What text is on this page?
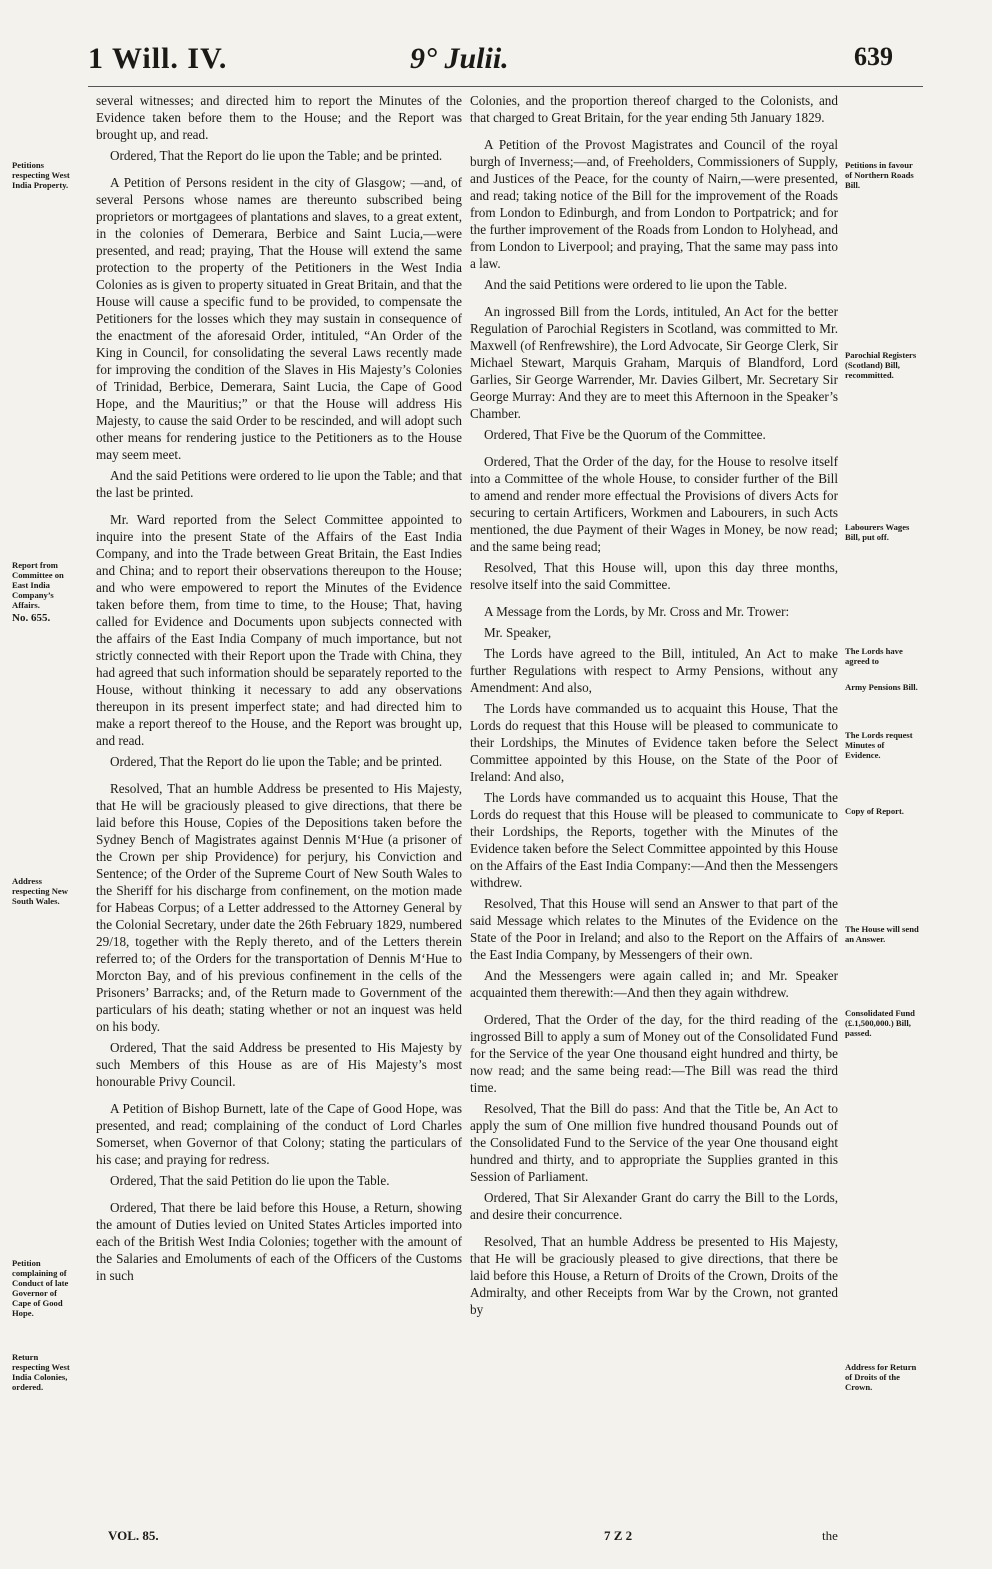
1 Will. IV.	9° Julii.	639
Petitions respecting West India Property.
Report from Committee on East India Company’s Affairs.
No. 655.
Address respecting New South Wales.
Petition complaining of Conduct of late Governor of Cape of Good Hope.
Return respecting West India Colonies, ordered.
Petitions in favour of Northern Roads Bill.
Parochial Registers (Scotland) Bill, recommitted.
Labourers Wages Bill, put off.
The Lords have agreed to
Army Pensions Bill.
The Lords request Minutes of Evidence.
Copy of Report.
The House will send an Answer.
Consolidated Fund (£.1,500,000.) Bill, passed.
Address for Return of Droits of the Crown.

several witnesses; and directed him to report the Minutes of the Evidence taken before them to the House; and the Report was brought up, and read.

Ordered, That the Report do lie upon the Table; and be printed.

A Petition of Persons resident in the city of Glasgow; —and, of several Persons whose names are thereunto subscribed being proprietors or mortgagees of plantations and slaves, to a great extent, in the colonies of Demerara, Berbice and Saint Lucia,—were presented, and read; praying, That the House will extend the same protection to the property of the Petitioners in the West India Colonies as is given to property situated in Great Britain, and that the House will cause a specific fund to be provided, to compensate the Petitioners for the losses which they may sustain in consequence of the enactment of the aforesaid Order, intituled, “An Order of the King in Council, for consolidating the several Laws recently made for improving the condition of the Slaves in His Majesty’s Colonies of Trinidad, Berbice, Demerara, Saint Lucia, the Cape of Good Hope, and the Mauritius;” or that the House will address His Majesty, to cause the said Order to be rescinded, and will adopt such other means for rendering justice to the Petitioners as to the House may seem meet.

And the said Petitions were ordered to lie upon the Table; and that the last be printed.

Mr. Ward reported from the Select Committee appointed to inquire into the present State of the Affairs of the East India Company, and into the Trade between Great Britain, the East Indies and China; and to report their observations thereupon to the House; and who were empowered to report the Minutes of the Evidence taken before them, from time to time, to the House; That, having called for Evidence and Documents upon subjects connected with the affairs of the East India Company of much importance, but not strictly connected with their Report upon the Trade with China, they had agreed that such information should be separately reported to the House, without thinking it necessary to add any observations thereupon in its present imperfect state; and had directed him to make a report thereof to the House, and the Report was brought up, and read.

Ordered, That the Report do lie upon the Table; and be printed.

Resolved, That an humble Address be presented to His Majesty, that He will be graciously pleased to give directions, that there be laid before this House, Copies of the Depositions taken before the Sydney Bench of Magistrates against Dennis M‘Hue (a prisoner of the Crown per ship Providence) for perjury, his Conviction and Sentence; of the Order of the Supreme Court of New South Wales to the Sheriff for his discharge from confinement, on the motion made for Habeas Corpus; of a Letter addressed to the Attorney General by the Colonial Secretary, under date the 26th February 1829, numbered 29/18, together with the Reply thereto, and of the Letters therein referred to; of the Orders for the transportation of Dennis M‘Hue to Morcton Bay, and of his previous confinement in the cells of the Prisoners’ Barracks; and, of the Return made to Government of the particulars of his death; stating whether or not an inquest was held on his body.

Ordered, That the said Address be presented to His Majesty by such Members of this House as are of His Majesty’s most honourable Privy Council.

A Petition of Bishop Burnett, late of the Cape of Good Hope, was presented, and read; complaining of the conduct of Lord Charles Somerset, when Governor of that Colony; stating the particulars of his case; and praying for redress.

Ordered, That the said Petition do lie upon the Table.

Ordered, That there be laid before this House, a Return, showing the amount of Duties levied on United States Articles imported into each of the British West India Colonies; together with the amount of the Salaries and Emoluments of each of the Officers of the Customs in such

Colonies, and the proportion thereof charged to the Colonists, and that charged to Great Britain, for the year ending 5th January 1829.

A Petition of the Provost Magistrates and Council of the royal burgh of Inverness;—and, of Freeholders, Commissioners of Supply, and Justices of the Peace, for the county of Nairn,—were presented, and read; taking notice of the Bill for the improvement of the Roads from London to Edinburgh, and from London to Portpatrick; and for the further improvement of the Roads from London to Holyhead, and from London to Liverpool; and praying, That the same may pass into a law.

And the said Petitions were ordered to lie upon the Table.

An ingrossed Bill from the Lords, intituled, An Act for the better Regulation of Parochial Registers in Scotland, was committed to Mr. Maxwell (of Renfrewshire), the Lord Advocate, Sir George Clerk, Sir Michael Stewart, Marquis Graham, Marquis of Blandford, Lord Garlies, Sir George Warrender, Mr. Davies Gilbert, Mr. Secretary Sir George Murray: And they are to meet this Afternoon in the Speaker’s Chamber.

Ordered, That Five be the Quorum of the Committee.

Ordered, That the Order of the day, for the House to resolve itself into a Committee of the whole House, to consider further of the Bill to amend and render more effectual the Provisions of divers Acts for securing to certain Artificers, Workmen and Labourers, in such Acts mentioned, the due Payment of their Wages in Money, be now read; and the same being read;

Resolved, That this House will, upon this day three months, resolve itself into the said Committee.

A Message from the Lords, by Mr. Cross and Mr. Trower:

Mr. Speaker,

The Lords have agreed to the Bill, intituled, An Act to make further Regulations with respect to Army Pensions, without any Amendment: And also,

The Lords have commanded us to acquaint this House, That the Lords do request that this House will be pleased to communicate to their Lordships, the Minutes of Evidence taken before the Select Committee appointed by this House, on the State of the Poor of Ireland: And also,

The Lords have commanded us to acquaint this House, That the Lords do request that this House will be pleased to communicate to their Lordships, the Reports, together with the Minutes of the Evidence taken before the Select Committee appointed by this House on the Affairs of the East India Company:—And then the Messengers withdrew.

Resolved, That this House will send an Answer to that part of the said Message which relates to the Minutes of the Evidence on the State of the Poor in Ireland; and also to the Report on the Affairs of the East India Company, by Messengers of their own.

And the Messengers were again called in; and Mr. Speaker acquainted them therewith:—And then they again withdrew.

Ordered, That the Order of the day, for the third reading of the ingrossed Bill to apply a sum of Money out of the Consolidated Fund for the Service of the year One thousand eight hundred and thirty, be now read; and the same being read:—The Bill was read the third time.

Resolved, That the Bill do pass: And that the Title be, An Act to apply the sum of One million five hundred thousand Pounds out of the Consolidated Fund to the Service of the year One thousand eight hundred and thirty, and to appropriate the Supplies granted in this Session of Parliament.

Ordered, That Sir Alexander Grant do carry the Bill to the Lords, and desire their concurrence.

Resolved, That an humble Address be presented to His Majesty, that He will be graciously pleased to give directions, that there be laid before this House, a Return of Droits of the Crown, Droits of the Admiralty, and other Receipts from War by the Crown, not granted by

VOL. 85.	7 Z 2	the
